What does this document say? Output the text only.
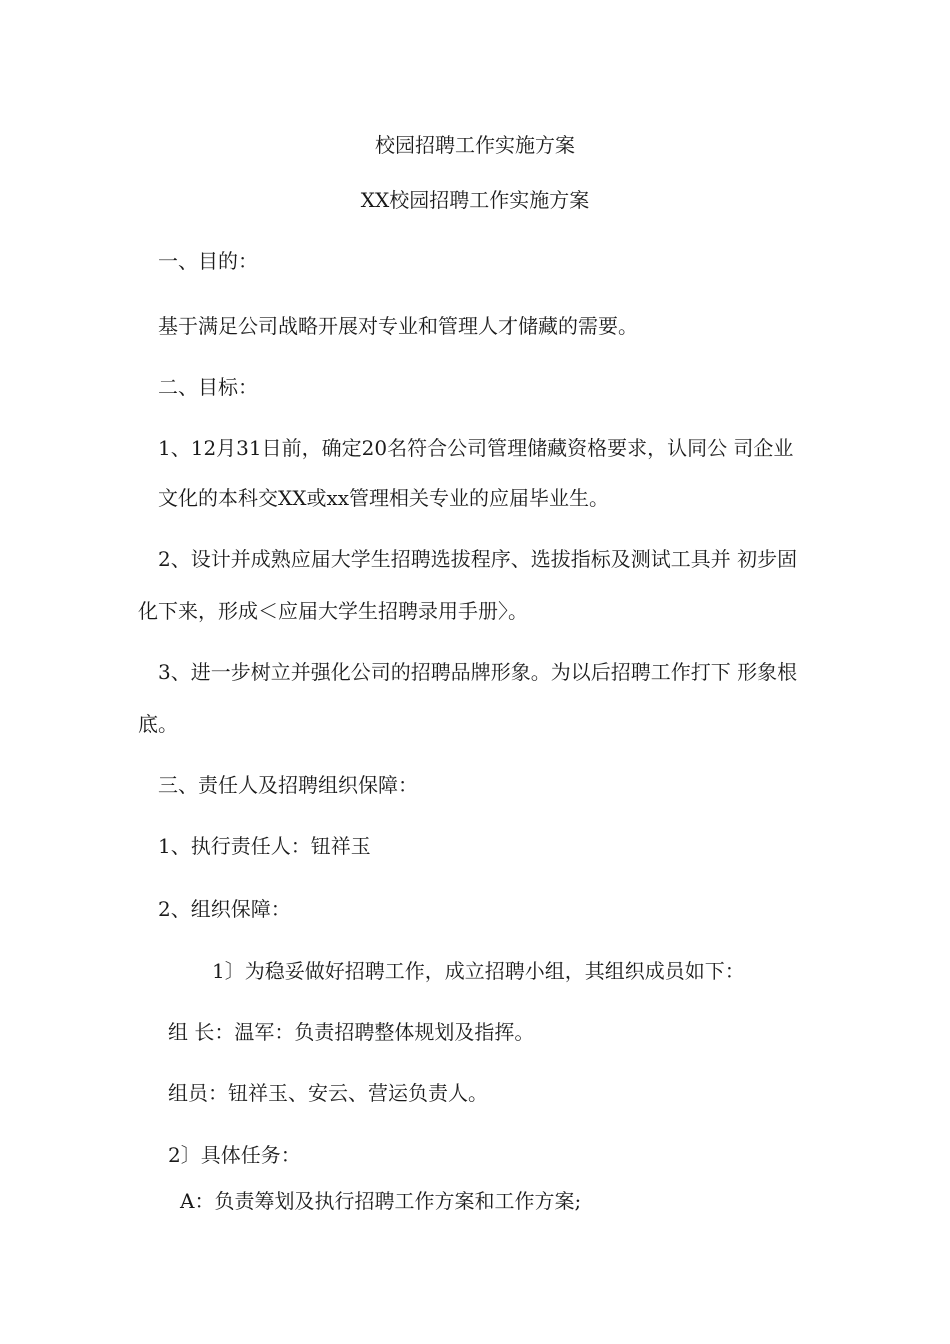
校园招聘工作实施方案
XX校园招聘工作实施方案
一、目的：
基于满足公司战略开展对专业和管理人才储藏的需要。
二、目标：
1、12月31日前，确定20名符合公司管理储藏资格要求，认同公 司企业
文化的本科交XX或xx管理相关专业的应届毕业生。
2、设计并成熟应届大学生招聘选拔程序、选拔指标及测试工具并 初步固
化下来，形成＜应届大学生招聘录用手册〉。
3、进一步树立并强化公司的招聘品牌形象。为以后招聘工作打下 形象根
底。
三、责任人及招聘组织保障：
1、执行责任人：钮祥玉
2、组织保障：
1〕为稳妥做好招聘工作，成立招聘小组，其组织成员如下：
组 长：温军：负责招聘整体规划及指挥。
组员：钮祥玉、安云、营运负责人。
2〕具体任务：
A：负责筹划及执行招聘工作方案和工作方案;
